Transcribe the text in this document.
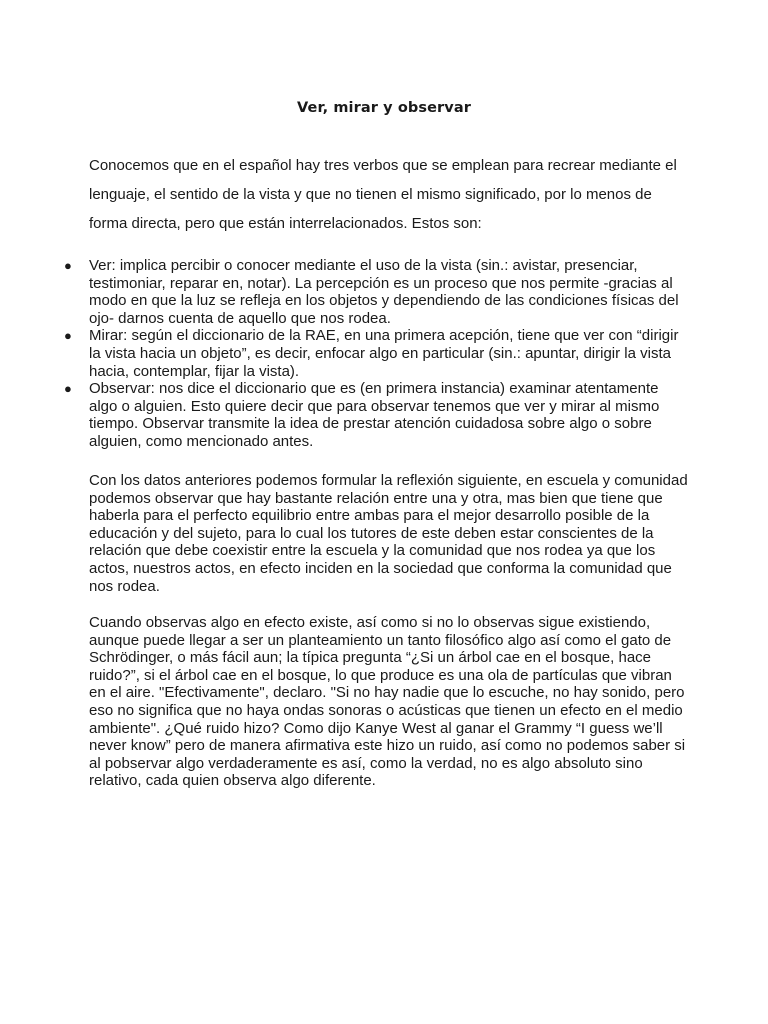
Ver, mirar y observar

Conocemos que en el español hay tres verbos que se emplean para recrear mediante el lenguaje, el sentido de la vista y que no tienen el mismo significado, por lo menos de forma directa, pero que están interrelacionados. Estos son:

● Ver: implica percibir o conocer mediante el uso de la vista (sin.: avistar, presenciar, testimoniar, reparar en, notar). La percepción es un proceso que nos permite -gracias al modo en que la luz se refleja en los objetos y dependiendo de las condiciones físicas del ojo- darnos cuenta de aquello que nos rodea.
● Mirar: según el diccionario de la RAE, en una primera acepción, tiene que ver con “dirigir la vista hacia un objeto”, es decir, enfocar algo en particular (sin.: apuntar, dirigir la vista hacia, contemplar, fijar la vista).
● Observar: nos dice el diccionario que es (en primera instancia) examinar atentamente algo o alguien. Esto quiere decir que para observar tenemos que ver y mirar al mismo tiempo. Observar transmite la idea de prestar atención cuidadosa sobre algo o sobre alguien, como mencionado antes.

Con los datos anteriores podemos formular la reflexión siguiente, en escuela y comunidad podemos observar que hay bastante relación entre una y otra, mas bien que tiene que haberla para el perfecto equilibrio entre ambas para el mejor desarrollo posible de la educación y del sujeto, para lo cual los tutores de este deben estar conscientes de la relación que debe coexistir entre la escuela y la comunidad que nos rodea ya que los actos, nuestros actos, en efecto inciden en la sociedad que conforma la comunidad que nos rodea.

Cuando observas algo en efecto existe, así como si no lo observas sigue existiendo, aunque puede llegar a ser un planteamiento un tanto filosófico algo así como el gato de Schrödinger, o más fácil aun; la típica pregunta “¿Si un árbol cae en el bosque, hace ruido?”, si el árbol cae en el bosque, lo que produce es una ola de partículas que vibran en el aire. "Efectivamente", declaro. "Si no hay nadie que lo escuche, no hay sonido, pero eso no significa que no haya ondas sonoras o acústicas que tienen un efecto en el medio ambiente". ¿Qué ruido hizo? Como dijo Kanye West al ganar el Grammy “I guess we’ll never know” pero de manera afirmativa este hizo un ruido, así como no podemos saber si al pobservar algo verdaderamente es así, como la verdad, no es algo absoluto sino relativo, cada quien observa algo diferente.
